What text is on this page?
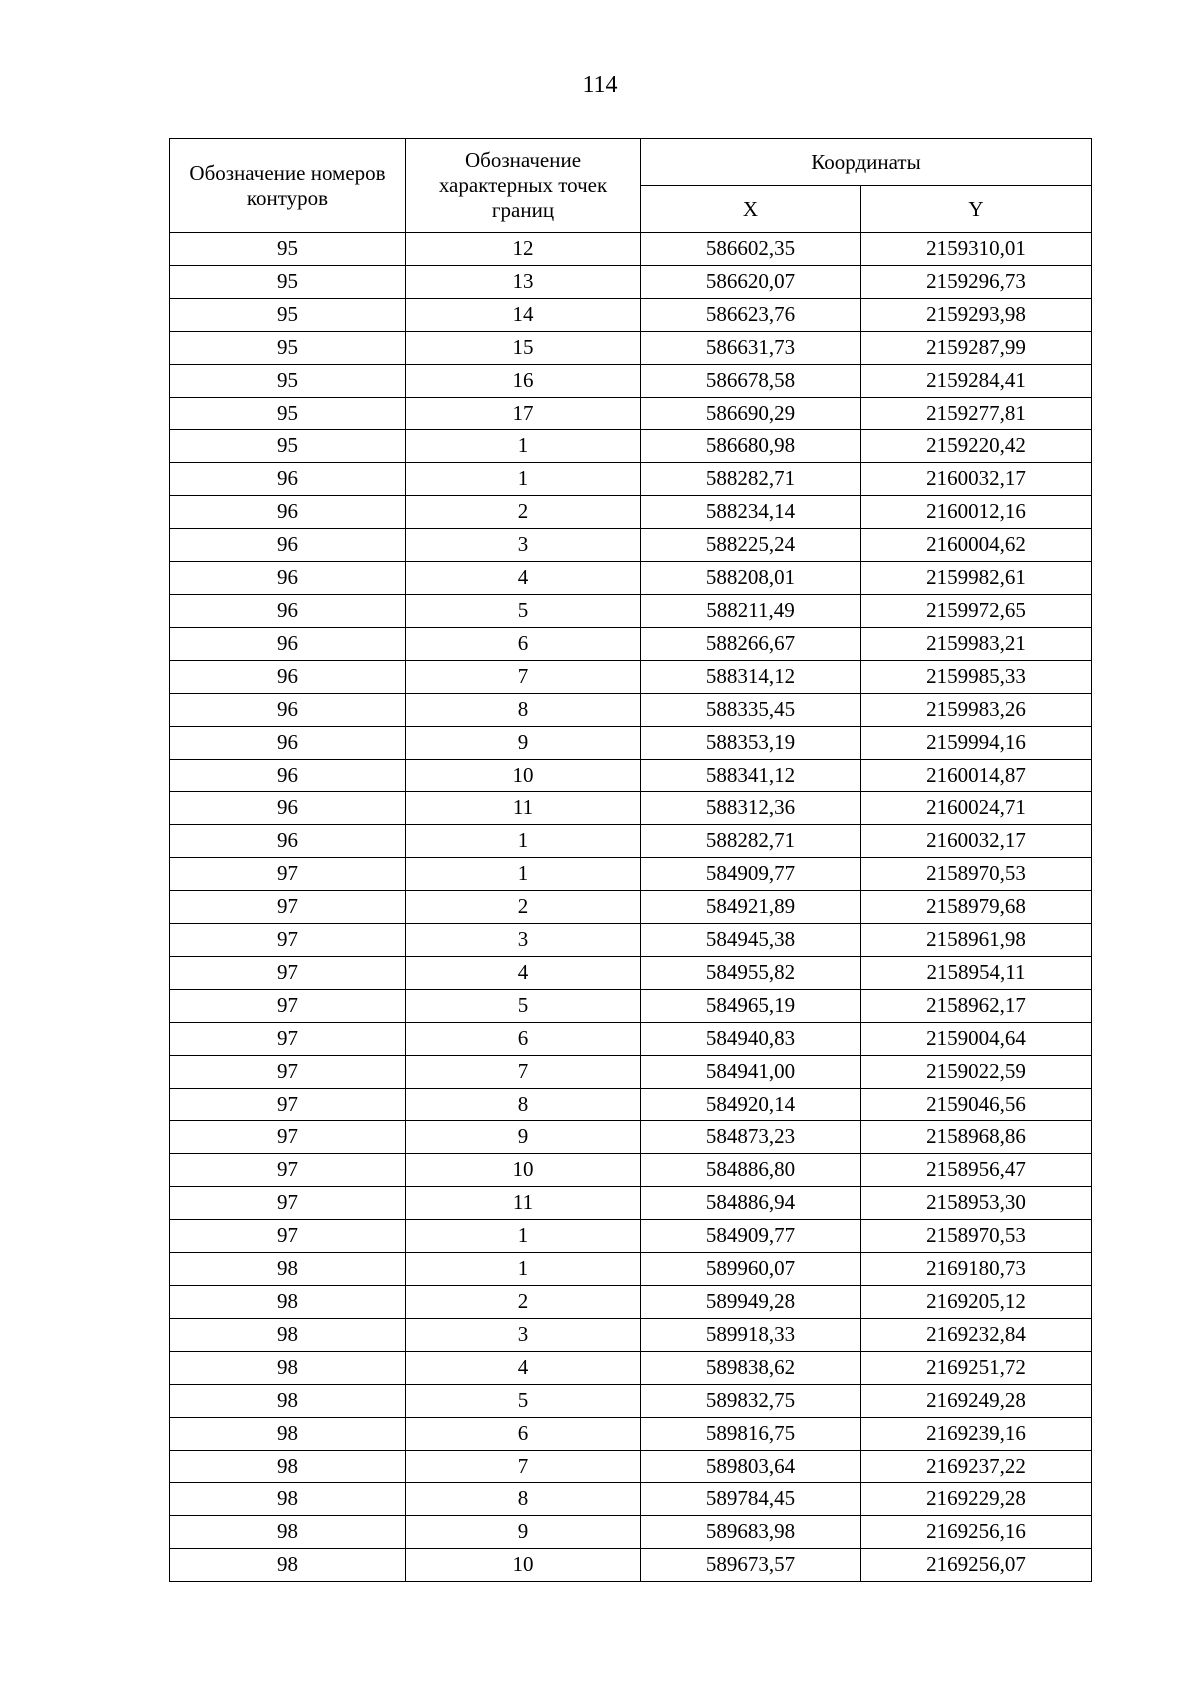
114
Обозначение номеров контуров	Обозначение характерных точек границ	Координаты	
		X	Y
95	12	586602,35	2159310,01
95	13	586620,07	2159296,73
95	14	586623,76	2159293,98
95	15	586631,73	2159287,99
95	16	586678,58	2159284,41
95	17	586690,29	2159277,81
95	1	586680,98	2159220,42
96	1	588282,71	2160032,17
96	2	588234,14	2160012,16
96	3	588225,24	2160004,62
96	4	588208,01	2159982,61
96	5	588211,49	2159972,65
96	6	588266,67	2159983,21
96	7	588314,12	2159985,33
96	8	588335,45	2159983,26
96	9	588353,19	2159994,16
96	10	588341,12	2160014,87
96	11	588312,36	2160024,71
96	1	588282,71	2160032,17
97	1	584909,77	2158970,53
97	2	584921,89	2158979,68
97	3	584945,38	2158961,98
97	4	584955,82	2158954,11
97	5	584965,19	2158962,17
97	6	584940,83	2159004,64
97	7	584941,00	2159022,59
97	8	584920,14	2159046,56
97	9	584873,23	2158968,86
97	10	584886,80	2158956,47
97	11	584886,94	2158953,30
97	1	584909,77	2158970,53
98	1	589960,07	2169180,73
98	2	589949,28	2169205,12
98	3	589918,33	2169232,84
98	4	589838,62	2169251,72
98	5	589832,75	2169249,28
98	6	589816,75	2169239,16
98	7	589803,64	2169237,22
98	8	589784,45	2169229,28
98	9	589683,98	2169256,16
98	10	589673,57	2169256,07
